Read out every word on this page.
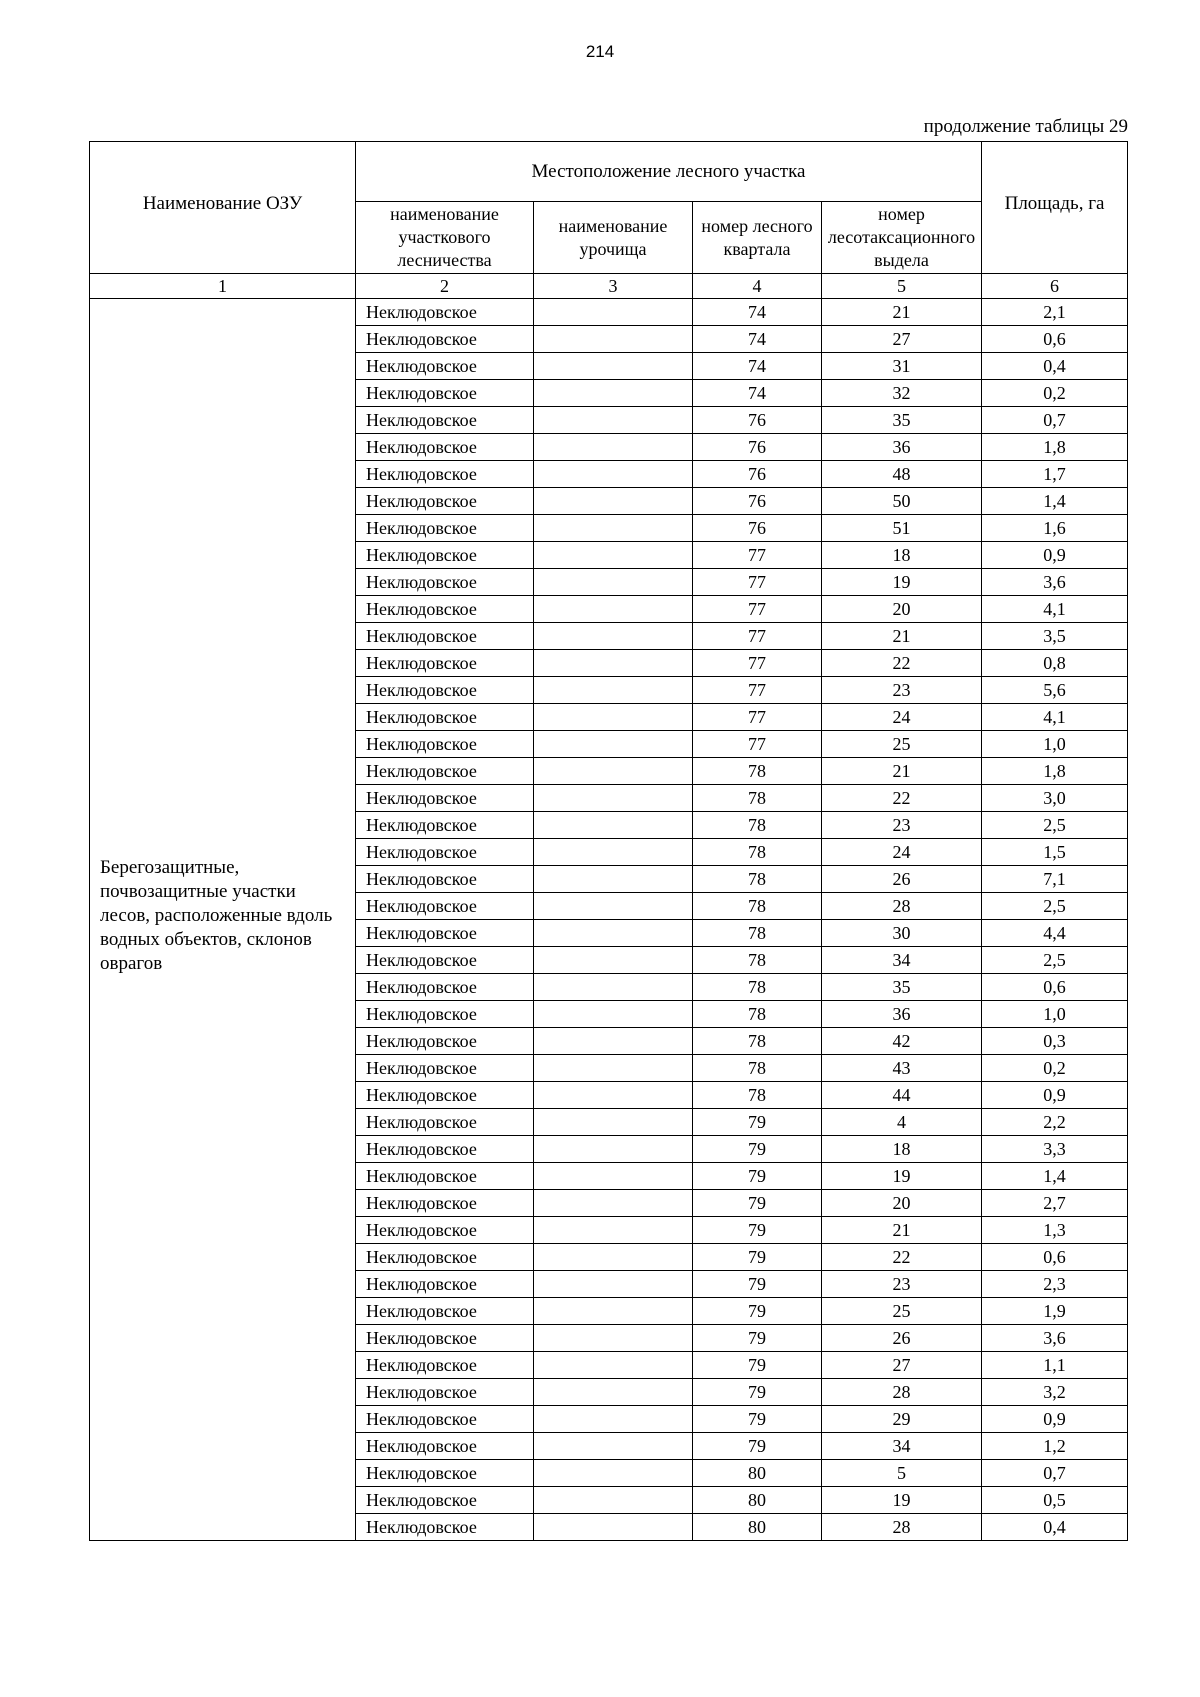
214
продолжение таблицы 29
Наименование ОЗУ	Местоположение лесного участка				Площадь, га
	наименование участкового лесничества	наименование урочища	номер лесного квартала	номер лесотаксационного выдела	
1	2	3	4	5	6
Берегозащитные, почвозащитные участки лесов, расположенные вдоль водных объектов, склонов оврагов	Неклюдовское		74	21	2,1
	Неклюдовское		74	27	0,6
	Неклюдовское		74	31	0,4
	Неклюдовское		74	32	0,2
	Неклюдовское		76	35	0,7
	Неклюдовское		76	36	1,8
	Неклюдовское		76	48	1,7
	Неклюдовское		76	50	1,4
	Неклюдовское		76	51	1,6
	Неклюдовское		77	18	0,9
	Неклюдовское		77	19	3,6
	Неклюдовское		77	20	4,1
	Неклюдовское		77	21	3,5
	Неклюдовское		77	22	0,8
	Неклюдовское		77	23	5,6
	Неклюдовское		77	24	4,1
	Неклюдовское		77	25	1,0
	Неклюдовское		78	21	1,8
	Неклюдовское		78	22	3,0
	Неклюдовское		78	23	2,5
	Неклюдовское		78	24	1,5
	Неклюдовское		78	26	7,1
	Неклюдовское		78	28	2,5
	Неклюдовское		78	30	4,4
	Неклюдовское		78	34	2,5
	Неклюдовское		78	35	0,6
	Неклюдовское		78	36	1,0
	Неклюдовское		78	42	0,3
	Неклюдовское		78	43	0,2
	Неклюдовское		78	44	0,9
	Неклюдовское		79	4	2,2
	Неклюдовское		79	18	3,3
	Неклюдовское		79	19	1,4
	Неклюдовское		79	20	2,7
	Неклюдовское		79	21	1,3
	Неклюдовское		79	22	0,6
	Неклюдовское		79	23	2,3
	Неклюдовское		79	25	1,9
	Неклюдовское		79	26	3,6
	Неклюдовское		79	27	1,1
	Неклюдовское		79	28	3,2
	Неклюдовское		79	29	0,9
	Неклюдовское		79	34	1,2
	Неклюдовское		80	5	0,7
	Неклюдовское		80	19	0,5
	Неклюдовское		80	28	0,4
